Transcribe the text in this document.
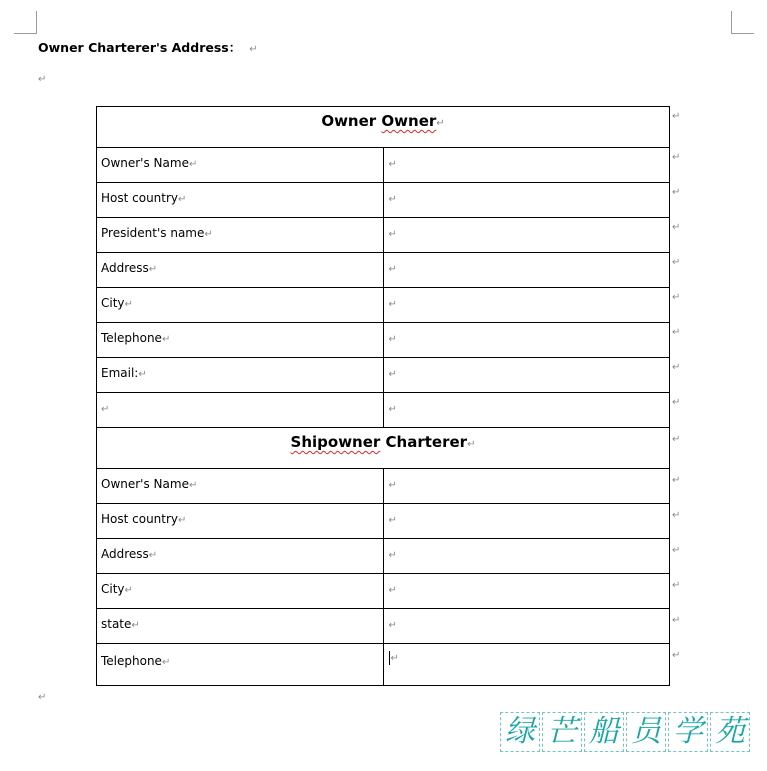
Owner Charterer's Address： ↵
↵
Owner Owner↵	

Owner's Name↵	↵

Host country↵	↵

President's name↵	↵

Address↵	↵

City↵	↵

Telephone↵	↵

Email:↵	↵

↵	↵

Shipowner Charterer↵	

Owner's Name↵	↵

Host country↵	↵

Address↵	↵

City↵	↵

state↵	↵

Telephone↵	↵
↵
↵
↵
↵
↵
↵
↵
↵
↵
↵
↵
↵
↵
↵
↵
↵
↵
绿 芒 船 员 学 苑
